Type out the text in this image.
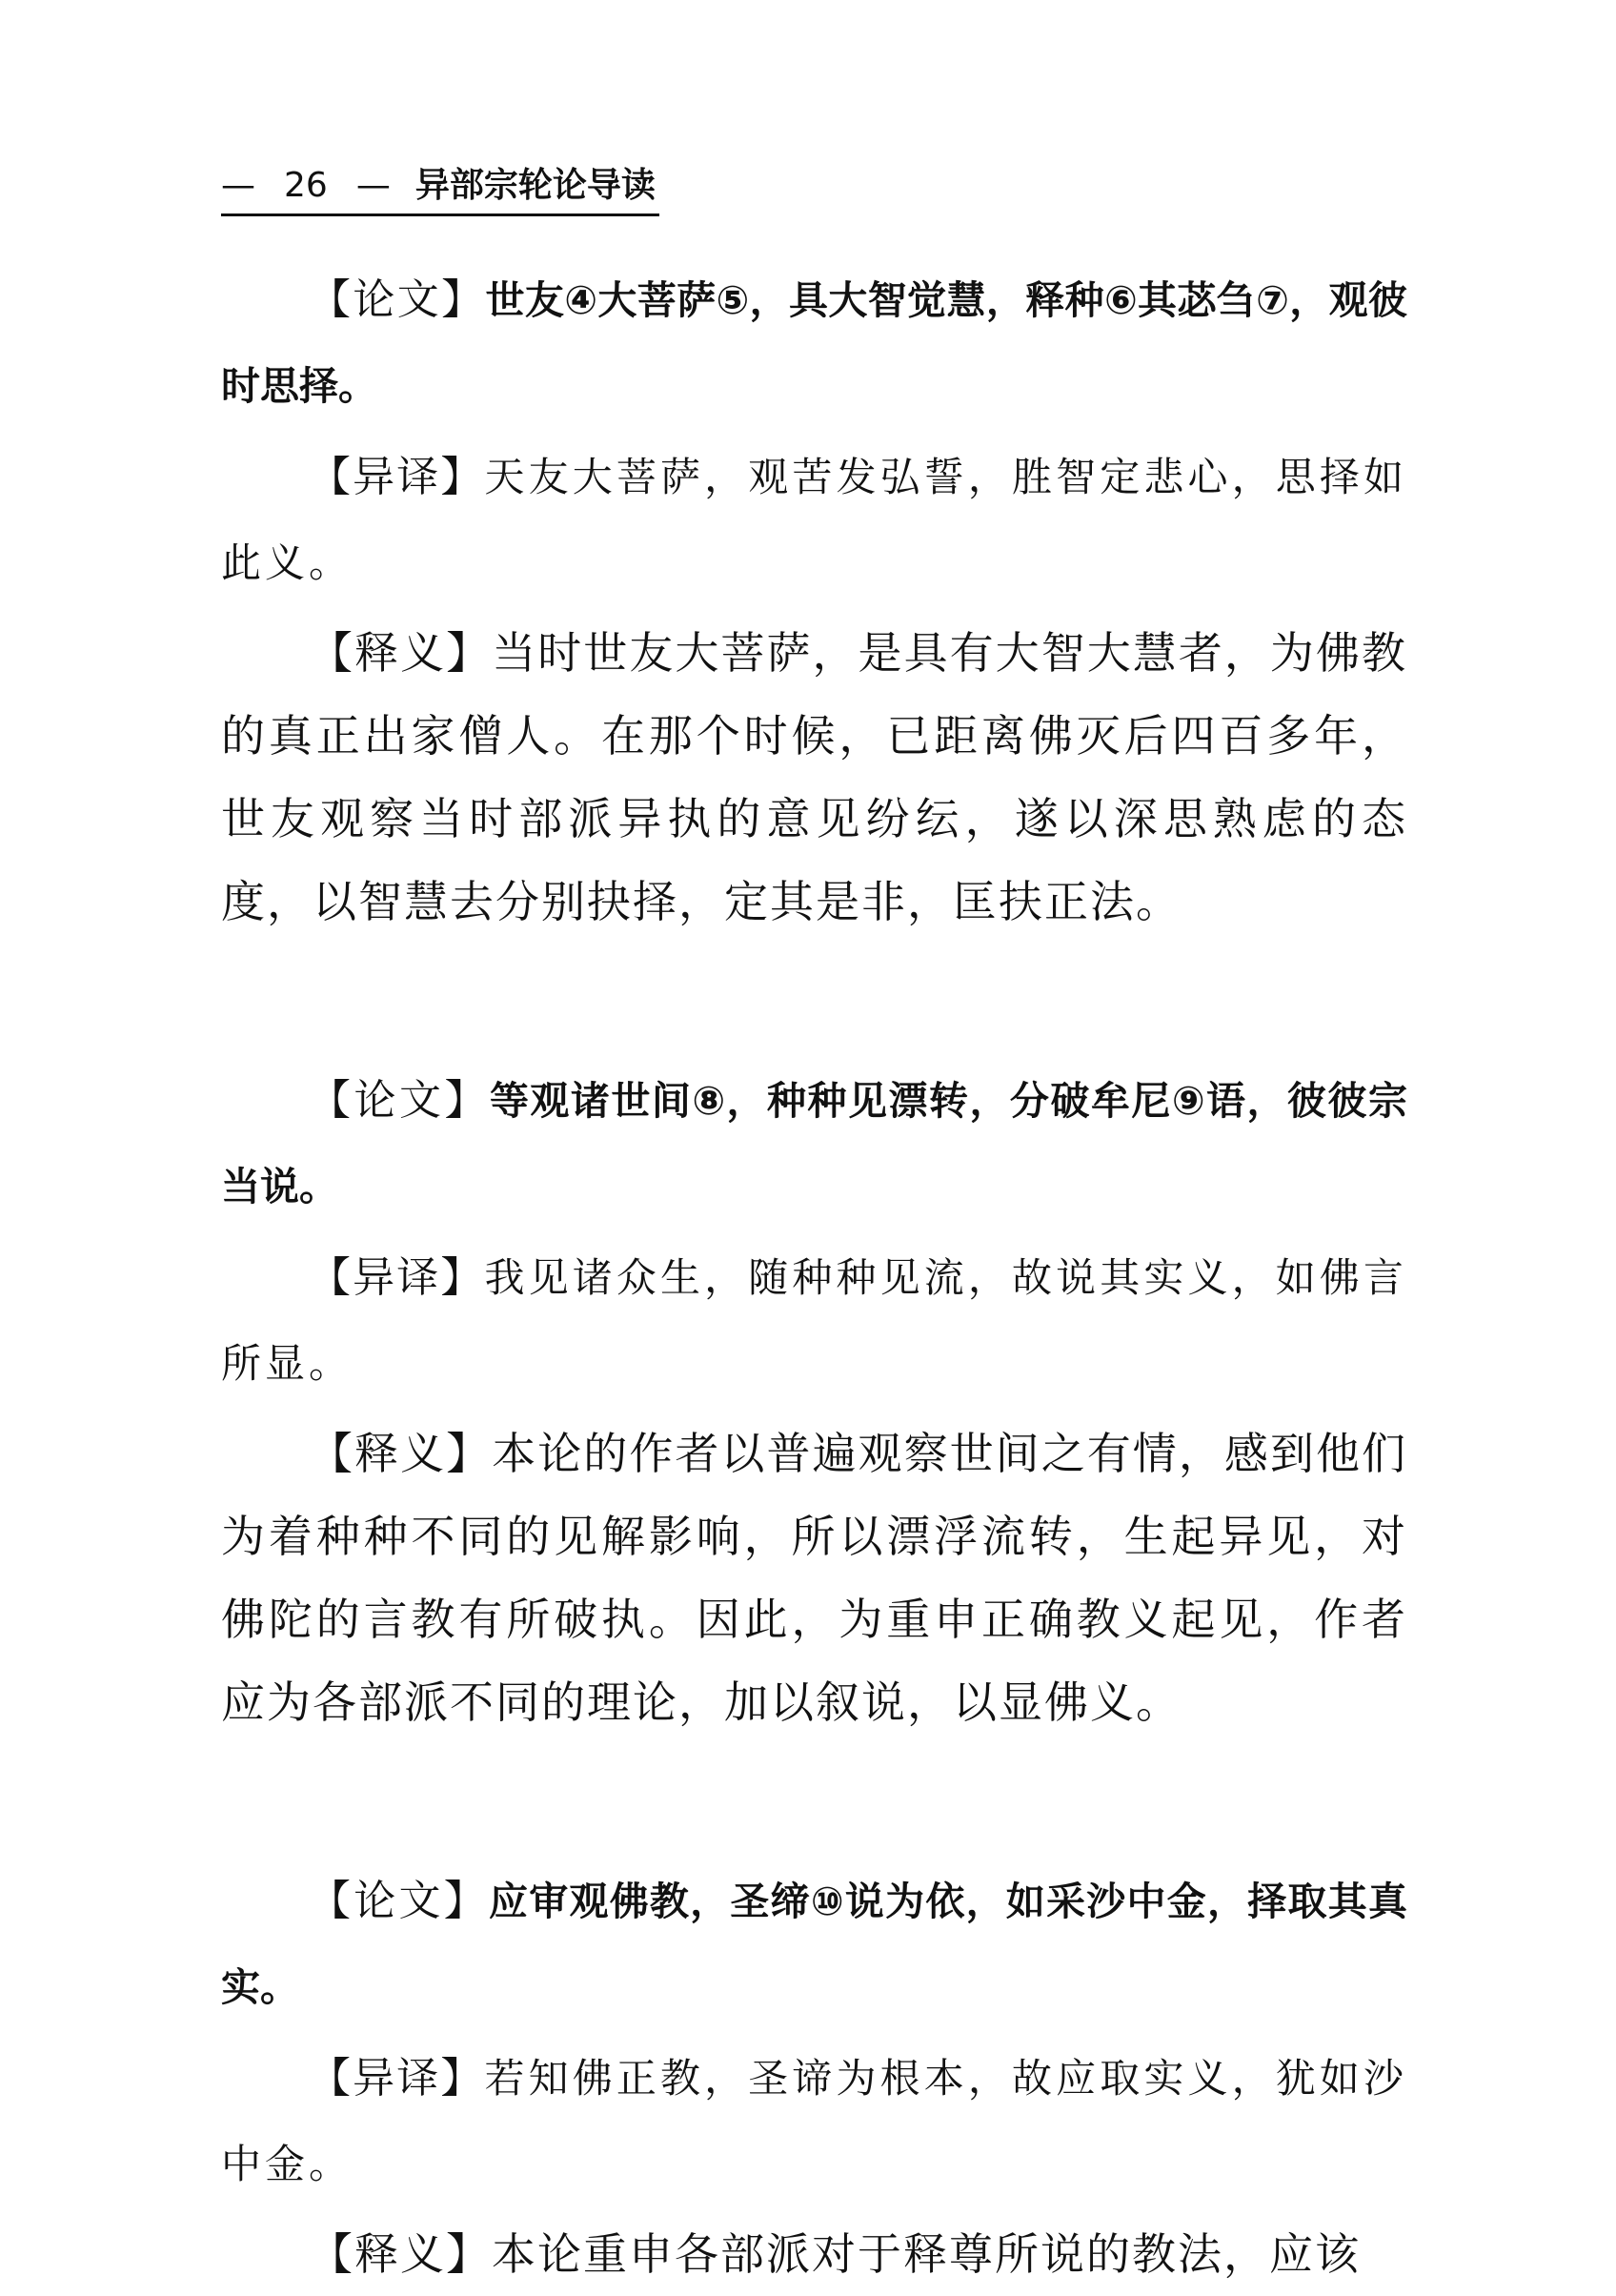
— 26 — 异部宗轮论导读

【论文】世友④大菩萨⑤，具大智觉慧，释种⑥其苾刍⑦，观彼时思择。

【异译】天友大菩萨，观苦发弘誓，胜智定悲心，思择如此义。

【释义】当时世友大菩萨，是具有大智大慧者，为佛教的真正出家僧人。在那个时候，已距离佛灭后四百多年，世友观察当时部派异执的意见纷纭，遂以深思熟虑的态度，以智慧去分别抉择，定其是非，匡扶正法。

【论文】等观诸世间⑧，种种见漂转，分破牟尼⑨语，彼彼宗当说。

【异译】我见诸众生，随种种见流，故说其实义，如佛言所显。

【释义】本论的作者以普遍观察世间之有情，感到他们为着种种不同的见解影响，所以漂浮流转，生起异见，对佛陀的言教有所破执。因此，为重申正确教义起见，作者应为各部派不同的理论，加以叙说，以显佛义。

【论文】应审观佛教，圣缔⑩说为依，如采沙中金，择取其真实。

【异译】若知佛正教，圣谛为根本，故应取实义，犹如沙中金。

【释义】本论重申各部派对于释尊所说的教法，应该
